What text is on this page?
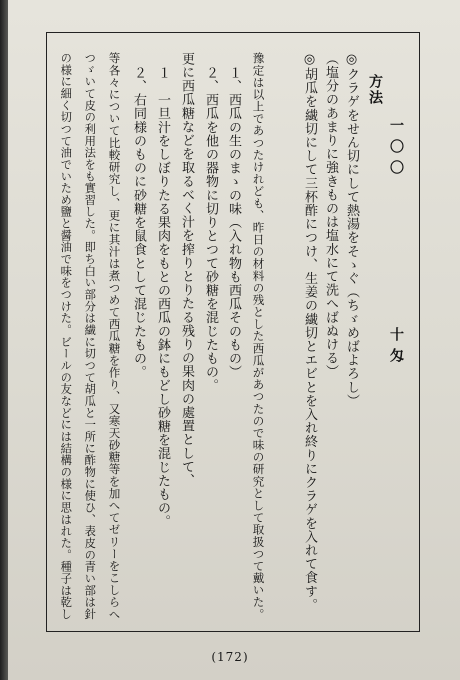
一〇〇十匁
方法
◎クラゲをせん切にして熱湯をそゝぐ（ちゞめばよろし）
（塩分のあまりに強きものは塩水にて洗へばぬける）
◎胡瓜を繊切にして三杯酢につけ、生姜の繊切とエビとを入れ終りにクラゲを入れて食す。
豫定は以上であつたけれども、昨日の材料の残とした西瓜があつたので味の研究として取扱つて戴いた。
１、西瓜の生のまゝの味（入れ物も西瓜そのもの）
２、西瓜を他の器物に切りとつて砂糖を混じたもの。
更に西瓜糖などを取るべく汁を搾りとりたる残りの果肉の處置として、
１　一旦汁をしぼりたる果肉をもとの西瓜の鉢にもどし砂糖を混じたもの。
２、右同様のものに砂糖を鼠食として混じたもの。
等各々について比較研究し、更に其汁は煮つめて西瓜糖を作り、又寒天砂糖等を加へてゼリーをこしらへ
つゞいて皮の利用法をも實習した。即ち白い部分は繊に切つて胡瓜と一所に酢物に使ひ、表皮の青い部は針
の様に細く切つて油でいため鹽と醤油で味をつけた。ビールの友などには結構の様に思はれた。種子は乾し
(172)
